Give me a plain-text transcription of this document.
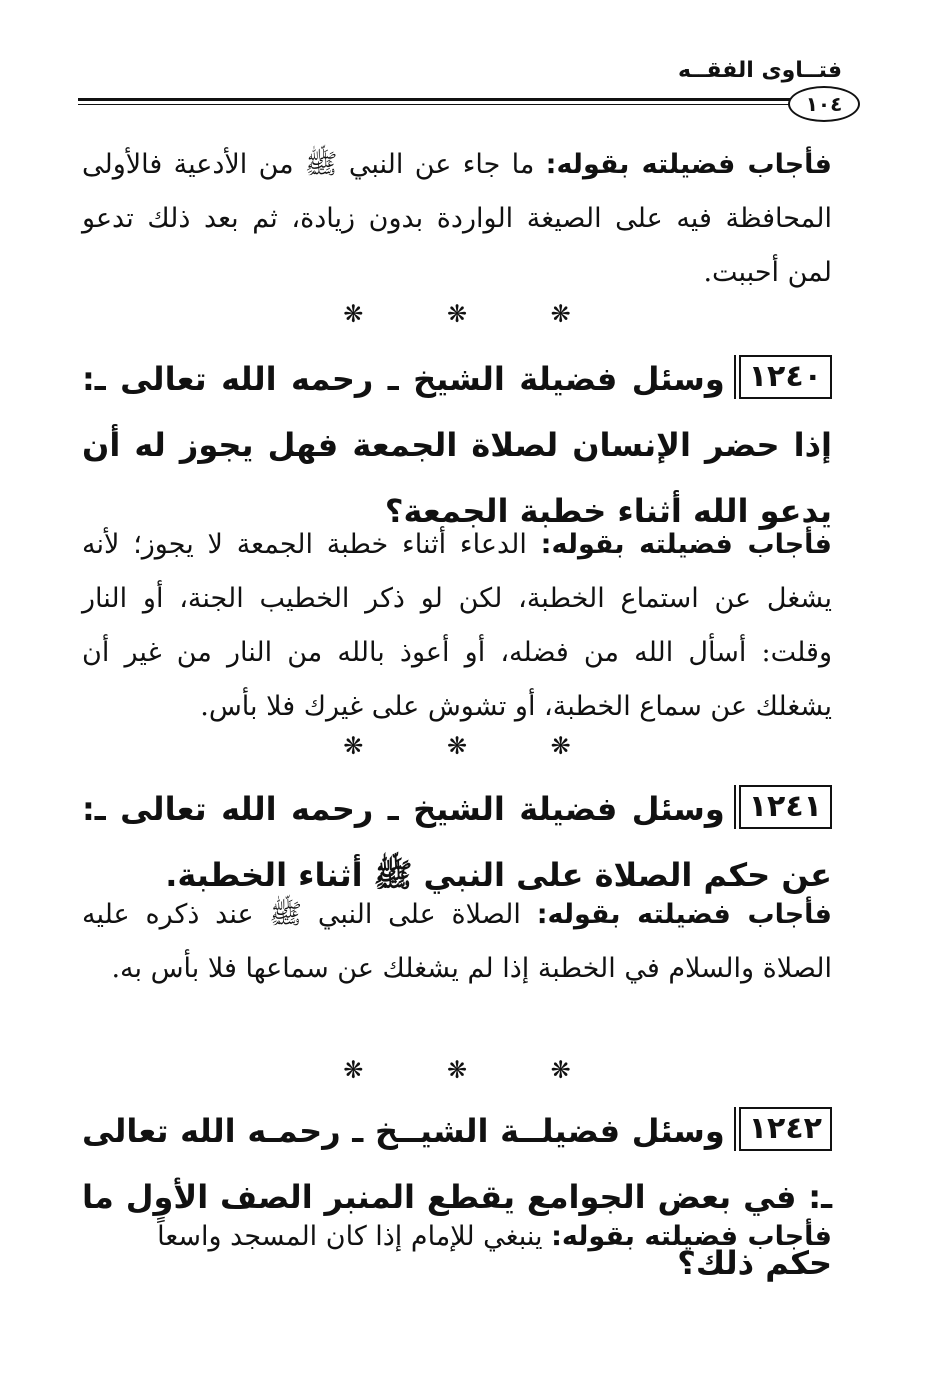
فتــاوى الفقــه
١٠٤
فأجاب فضيلته بقوله: ما جاء عن النبي ﷺ من الأدعية فالأولى المحافظة فيه على الصيغة الواردة بدون زيادة، ثم بعد ذلك تدعو لمن أحببت.
❋ ❋ ❋
١٢٤٠وسئل فضيلة الشيخ ـ رحمه الله تعالى ـ: إذا حضر الإنسان لصلاة الجمعة فهل يجوز له أن يدعو الله أثناء خطبة الجمعة؟
فأجاب فضيلته بقوله: الدعاء أثناء خطبة الجمعة لا يجوز؛ لأنه يشغل عن استماع الخطبة، لكن لو ذكر الخطيب الجنة، أو النار وقلت: أسأل الله من فضله، أو أعوذ بالله من النار من غير أن يشغلك عن سماع الخطبة، أو تشوش على غيرك فلا بأس.
❋ ❋ ❋
١٢٤١وسئل فضيلة الشيخ ـ رحمه الله تعالى ـ: عن حكم الصلاة على النبي ﷺ أثناء الخطبة.
فأجاب فضيلته بقوله: الصلاة على النبي ﷺ عند ذكره عليه الصلاة والسلام في الخطبة إذا لم يشغلك عن سماعها فلا بأس به.
❋ ❋ ❋
١٢٤٢وسئل فضيلــة الشيــخ ـ رحمـه الله تعالى ـ: في بعض الجوامع يقطع المنبر الصف الأول ما حكم ذلك؟
فأجاب فضيلته بقوله: ينبغي للإمام إذا كان المسجد واسعاً
